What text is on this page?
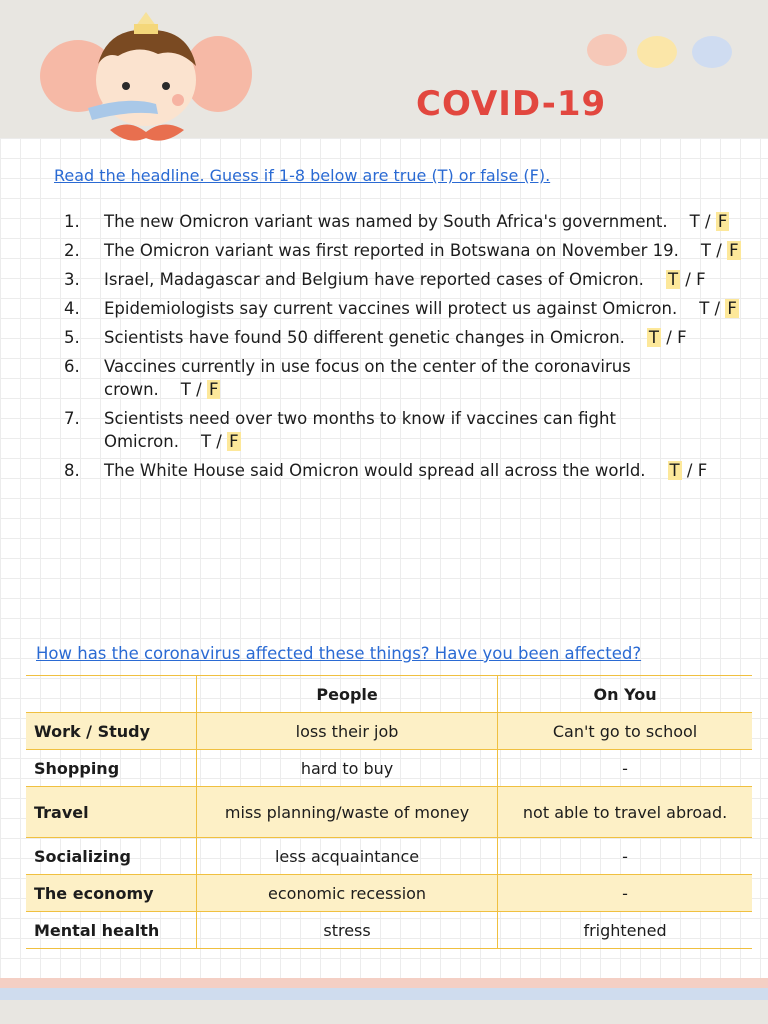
COVID-19
Read the headline. Guess if 1-8 below are true (T) or false (F).
1. The new Omicron variant was named by South Africa's government. T / F
2. The Omicron variant was first reported in Botswana on November 19. T / F
3. Israel, Madagascar and Belgium have reported cases of Omicron. T / F
4. Epidemiologists say current vaccines will protect us against Omicron. T / F
5. Scientists have found 50 different genetic changes in Omicron. T / F
6. Vaccines currently in use focus on the center of the coronavirus crown. T / F
7. Scientists need over two months to know if vaccines can fight Omicron. T / F
8. The White House said Omicron would spread all across the world. T / F
How has the coronavirus affected these things? Have you been affected?
	People	On You
Work / Study	loss their job	Can't go to school
Shopping	hard to buy	-
Travel	miss planning/waste of money	not able to travel abroad.
Socializing	less acquaintance	-
The economy	economic recession	-
Mental health	stress	frightened
